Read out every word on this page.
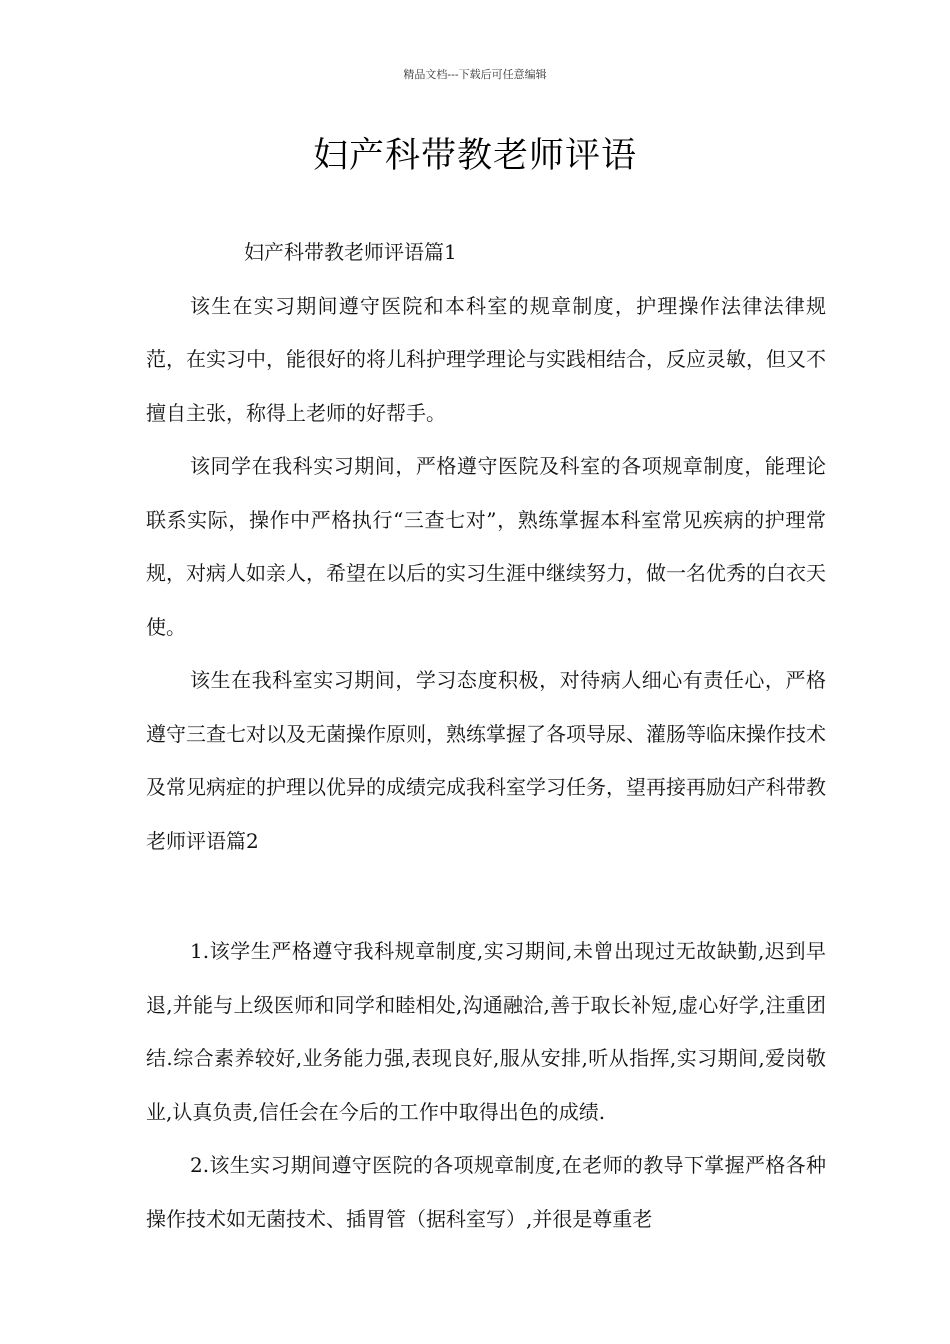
精品文档---下载后可任意编辑
妇产科带教老师评语

妇产科带教老师评语篇1

该生在实习期间遵守医院和本科室的规章制度，护理操作法律法律规范，在实习中，能很好的将儿科护理学理论与实践相结合，反应灵敏，但又不擅自主张，称得上老师的好帮手。

该同学在我科实习期间，严格遵守医院及科室的各项规章制度，能理论联系实际，操作中严格执行“三查七对”，熟练掌握本科室常见疾病的护理常规，对病人如亲人，希望在以后的实习生涯中继续努力，做一名优秀的白衣天使。

该生在我科室实习期间，学习态度积极，对待病人细心有责任心，严格遵守三查七对以及无菌操作原则，熟练掌握了各项导尿、灌肠等临床操作技术及常见病症的护理以优异的成绩完成我科室学习任务，望再接再励妇产科带教老师评语篇2

1.该学生严格遵守我科规章制度,实习期间,未曾出现过无故缺勤,迟到早退,并能与上级医师和同学和睦相处,沟通融洽,善于取长补短,虚心好学,注重团结.综合素养较好,业务能力强,表现良好,服从安排,听从指挥,实习期间,爱岗敬业,认真负责,信任会在今后的工作中取得出色的成绩.

2.该生实习期间遵守医院的各项规章制度,在老师的教导下掌握严格各种操作技术如无菌技术、插胃管（据科室写）,并很是尊重老
